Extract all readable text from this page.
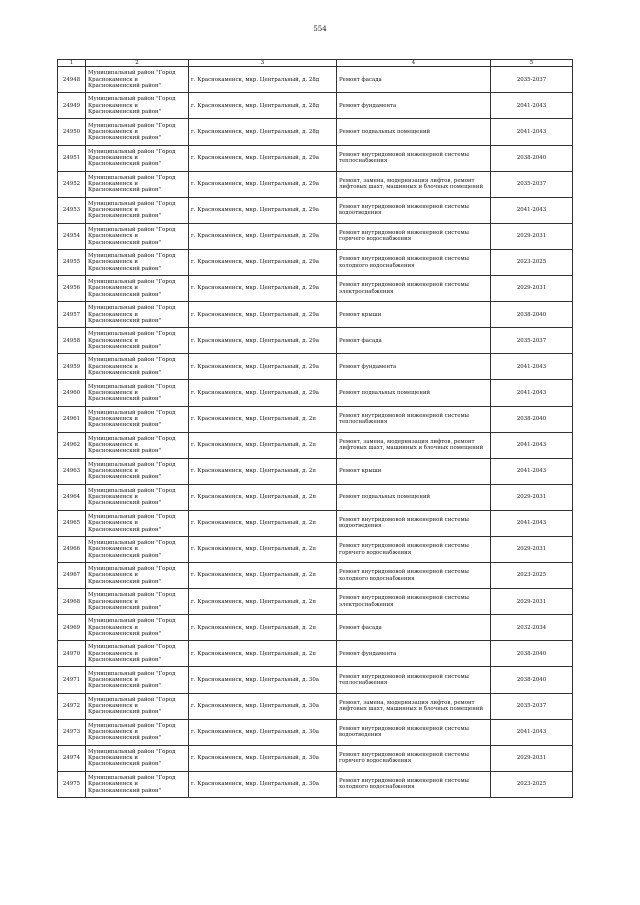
554
1	2	3	4	5
24948	Муниципальный район "Город
Краснокаменск и
Краснокаменский район"	г. Краснокаменск, мкр. Центральный, д. 28д	Ремонт фасада	2035-2037
24949	Муниципальный район "Город
Краснокаменск и
Краснокаменский район"	г. Краснокаменск, мкр. Центральный, д. 28д	Ремонт фундамента	2041-2043
24950	Муниципальный район "Город
Краснокаменск и
Краснокаменский район"	г. Краснокаменск, мкр. Центральный, д. 28д	Ремонт подвальных помещений	2041-2043
24951	Муниципальный район "Город
Краснокаменск и
Краснокаменский район"	г. Краснокаменск, мкр. Центральный, д. 29а	Ремонт внутридомовой инженерной системы теплоснабжения	2038-2040
24952	Муниципальный район "Город
Краснокаменск и
Краснокаменский район"	г. Краснокаменск, мкр. Центральный, д. 29а	Ремонт, замена, модернизация лифтов, ремонт лифтовых шахт, машинных и блочных помещений	2035-2037
24953	Муниципальный район "Город
Краснокаменск и
Краснокаменский район"	г. Краснокаменск, мкр. Центральный, д. 29а	Ремонт внутридомовой инженерной системы водоотведения	2041-2043
24954	Муниципальный район "Город
Краснокаменск и
Краснокаменский район"	г. Краснокаменск, мкр. Центральный, д. 29а	Ремонт внутридомовой инженерной системы горячего водоснабжения	2029-2031
24955	Муниципальный район "Город
Краснокаменск и
Краснокаменский район"	г. Краснокаменск, мкр. Центральный, д. 29а	Ремонт внутридомовой инженерной системы холодного водоснабжения	2023-2025
24956	Муниципальный район "Город
Краснокаменск и
Краснокаменский район"	г. Краснокаменск, мкр. Центральный, д. 29а	Ремонт внутридомовой инженерной системы электроснабжения	2029-2031
24957	Муниципальный район "Город
Краснокаменск и
Краснокаменский район"	г. Краснокаменск, мкр. Центральный, д. 29а	Ремонт крыши	2038-2040
24958	Муниципальный район "Город
Краснокаменск и
Краснокаменский район"	г. Краснокаменск, мкр. Центральный, д. 29а	Ремонт фасада	2035-2037
24959	Муниципальный район "Город
Краснокаменск и
Краснокаменский район"	г. Краснокаменск, мкр. Центральный, д. 29а	Ремонт фундамента	2041-2043
24960	Муниципальный район "Город
Краснокаменск и
Краснокаменский район"	г. Краснокаменск, мкр. Центральный, д. 29а	Ремонт подвальных помещений	2041-2043
24961	Муниципальный район "Город
Краснокаменск и
Краснокаменский район"	г. Краснокаменск, мкр. Центральный, д. 2п	Ремонт внутридомовой инженерной системы теплоснабжения	2038-2040
24962	Муниципальный район "Город
Краснокаменск и
Краснокаменский район"	г. Краснокаменск, мкр. Центральный, д. 2п	Ремонт, замена, модернизация лифтов, ремонт лифтовых шахт, машинных и блочных помещений	2041-2043
24963	Муниципальный район "Город
Краснокаменск и
Краснокаменский район"	г. Краснокаменск, мкр. Центральный, д. 2п	Ремонт крыши	2041-2043
24964	Муниципальный район "Город
Краснокаменск и
Краснокаменский район"	г. Краснокаменск, мкр. Центральный, д. 2п	Ремонт подвальных помещений	2029-2031
24965	Муниципальный район "Город
Краснокаменск и
Краснокаменский район"	г. Краснокаменск, мкр. Центральный, д. 2п	Ремонт внутридомовой инженерной системы водоотведения	2041-2043
24966	Муниципальный район "Город
Краснокаменск и
Краснокаменский район"	г. Краснокаменск, мкр. Центральный, д. 2п	Ремонт внутридомовой инженерной системы горячего водоснабжения	2029-2031
24967	Муниципальный район "Город
Краснокаменск и
Краснокаменский район"	г. Краснокаменск, мкр. Центральный, д. 2п	Ремонт внутридомовой инженерной системы холодного водоснабжения	2023-2025
24968	Муниципальный район "Город
Краснокаменск и
Краснокаменский район"	г. Краснокаменск, мкр. Центральный, д. 2п	Ремонт внутридомовой инженерной системы электроснабжения	2029-2031
24969	Муниципальный район "Город
Краснокаменск и
Краснокаменский район"	г. Краснокаменск, мкр. Центральный, д. 2п	Ремонт фасада	2032-2034
24970	Муниципальный район "Город
Краснокаменск и
Краснокаменский район"	г. Краснокаменск, мкр. Центральный, д. 2п	Ремонт фундамента	2038-2040
24971	Муниципальный район "Город
Краснокаменск и
Краснокаменский район"	г. Краснокаменск, мкр. Центральный, д. 30а	Ремонт внутридомовой инженерной системы теплоснабжения	2038-2040
24972	Муниципальный район "Город
Краснокаменск и
Краснокаменский район"	г. Краснокаменск, мкр. Центральный, д. 30а	Ремонт, замена, модернизация лифтов, ремонт лифтовых шахт, машинных и блочных помещений	2035-2037
24973	Муниципальный район "Город
Краснокаменск и
Краснокаменский район"	г. Краснокаменск, мкр. Центральный, д. 30а	Ремонт внутридомовой инженерной системы водоотведения	2041-2043
24974	Муниципальный район "Город
Краснокаменск и
Краснокаменский район"	г. Краснокаменск, мкр. Центральный, д. 30а	Ремонт внутридомовой инженерной системы горячего водоснабжения	2029-2031
24975	Муниципальный район "Город
Краснокаменск и
Краснокаменский район"	г. Краснокаменск, мкр. Центральный, д. 30а	Ремонт внутридомовой инженерной системы холодного водоснабжения	2023-2025
